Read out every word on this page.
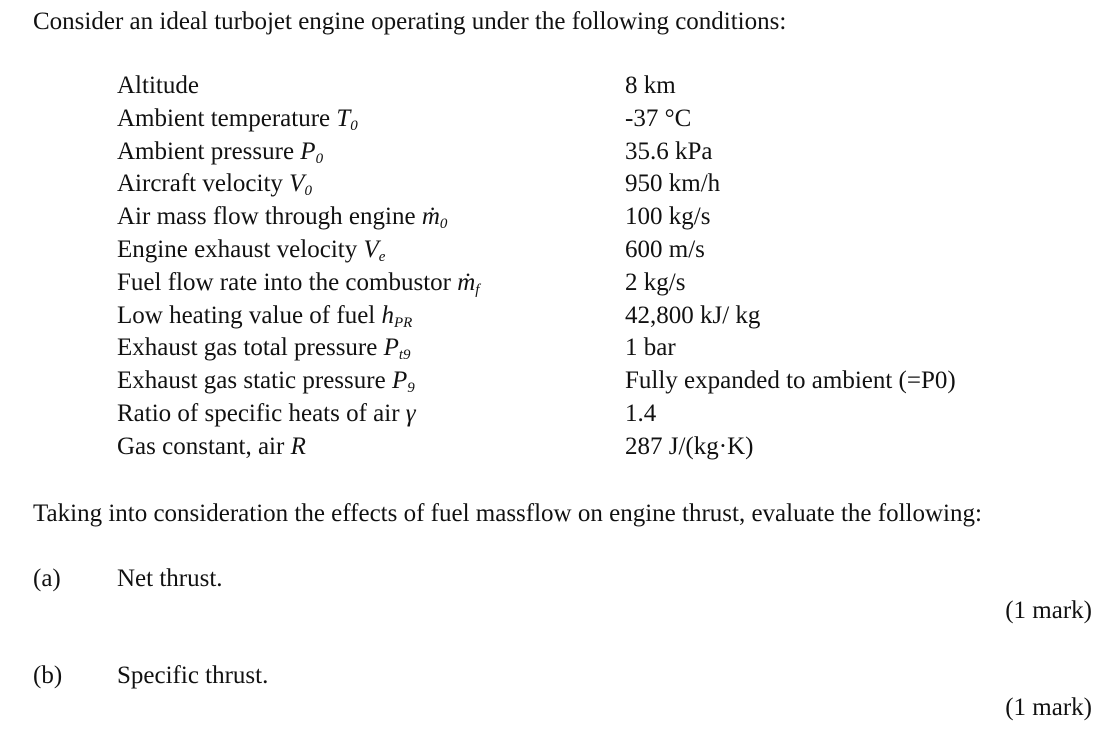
Consider an ideal turbojet engine operating under the following conditions:
Altitude	8 km
Ambient temperature $T_0$	-37 °C
Ambient pressure $P_0$	35.6 kPa
Aircraft velocity $V_0$	950 km/h
Air mass flow through engine ṁ$_0$	100 kg/s
Engine exhaust velocity $V_e$	600 m/s
Fuel flow rate into the combustor ṁ$_f$	2 kg/s
Low heating value of fuel $h_{PR}$	42,800 kJ/ kg
Exhaust gas total pressure $P_{t9}$	1 bar
Exhaust gas static pressure $P_9$	Fully expanded to ambient (=P0)
Ratio of specific heats of air γ	1.4
Gas constant, air R	287 J/(kg·K)
Taking into consideration the effects of fuel massflow on engine thrust, evaluate the following:
(a) Net thrust.
(1 mark)
(b) Specific thrust.
(1 mark)
